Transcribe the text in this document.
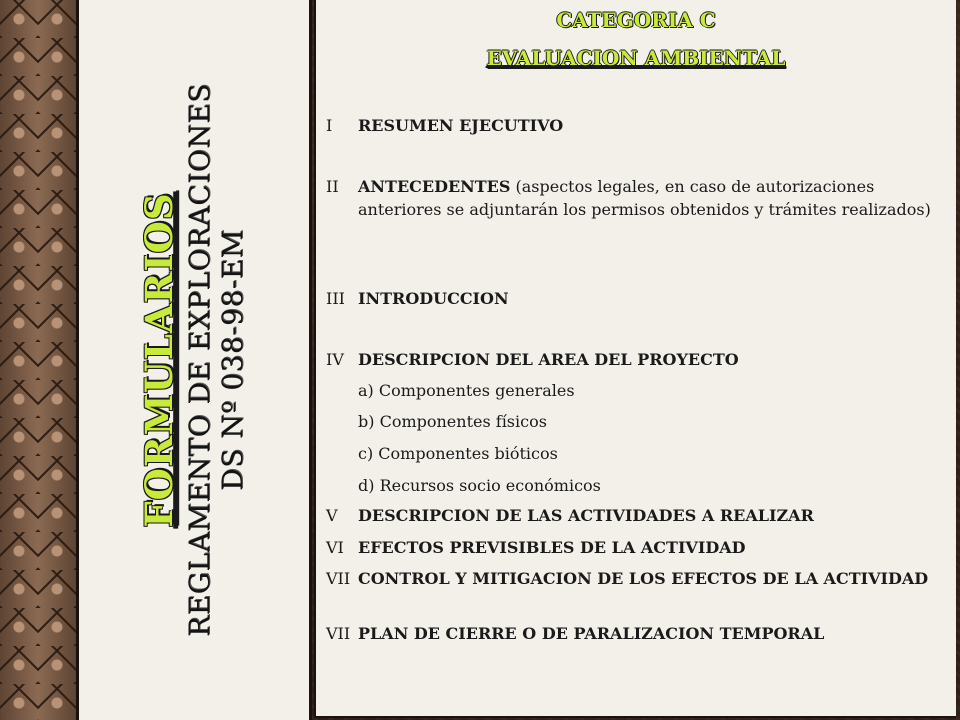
FORMULARIOS REGLAMENTO DE EXPLORACIONES DS Nº 038-98-EM
CATEGORIA C
EVALUACION AMBIENTAL
I	RESUMEN EJECUTIVO
II	ANTECEDENTES (aspectos legales, en caso de autorizaciones anteriores se adjuntarán los permisos obtenidos y trámites realizados)
III INTRODUCCION
IV DESCRIPCION DEL AREA DEL PROYECTO
a) Componentes generales
b) Componentes físicos
c) Componentes bióticos
d) Recursos socio económicos
V	DESCRIPCION DE LAS ACTIVIDADES A REALIZAR
VI EFECTOS PREVISIBLES DE LA ACTIVIDAD
VII CONTROL Y MITIGACION DE LOS EFECTOS DE LA ACTIVIDAD
VII PLAN DE CIERRE O DE PARALIZACION TEMPORAL
